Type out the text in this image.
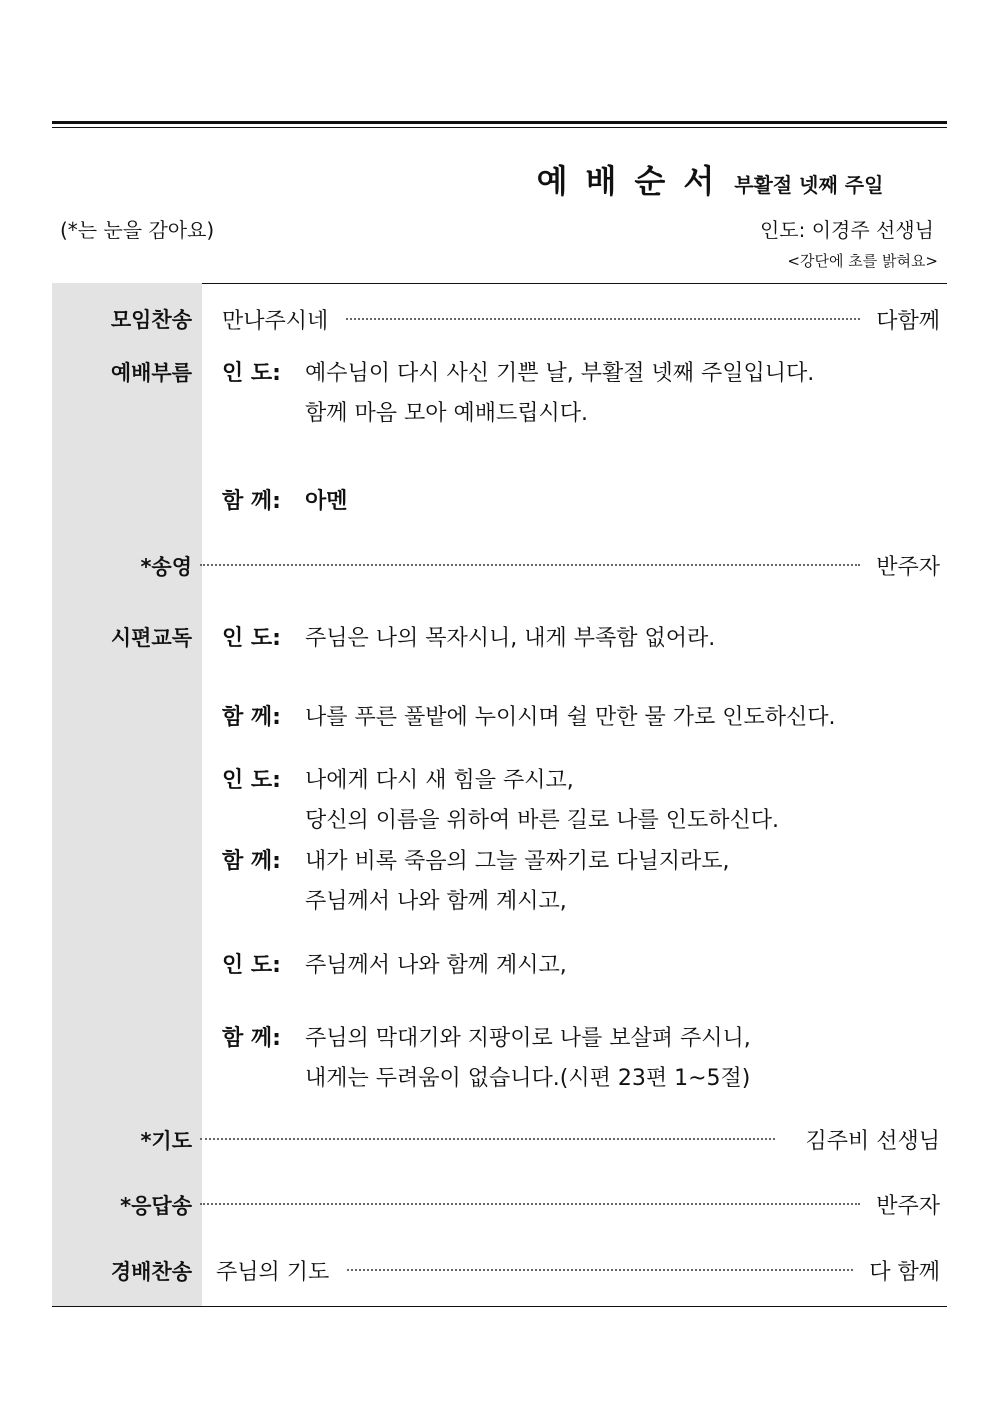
예배순서 부활절 넷째 주일
(*는 눈을 감아요)	인도: 이경주 선생님
<강단에 초를 밝혀요>
모임찬송 만나주시네	다함께
예배부름 인 도: 예수님이 다시 사신 기쁜 날, 부활절 넷째 주일입니다.
함께 마음 모아 예배드립시다.
함 께: 아멘
*송영	반주자
시편교독 인 도: 주님은 나의 목자시니, 내게 부족함 없어라.
함 께: 나를 푸른 풀밭에 누이시며 쉴 만한 물 가로 인도하신다.
인 도: 나에게 다시 새 힘을 주시고,
당신의 이름을 위하여 바른 길로 나를 인도하신다.
함 께: 내가 비록 죽음의 그늘 골짜기로 다닐지라도,
주님께서 나와 함께 계시고,
인 도: 주님께서 나와 함께 계시고,
함 께: 주님의 막대기와 지팡이로 나를 보살펴 주시니,
내게는 두려움이 없습니다.(시편 23편 1~5절)
*기도	김주비 선생님
*응답송	반주자
경배찬송 주님의 기도	다 함께
